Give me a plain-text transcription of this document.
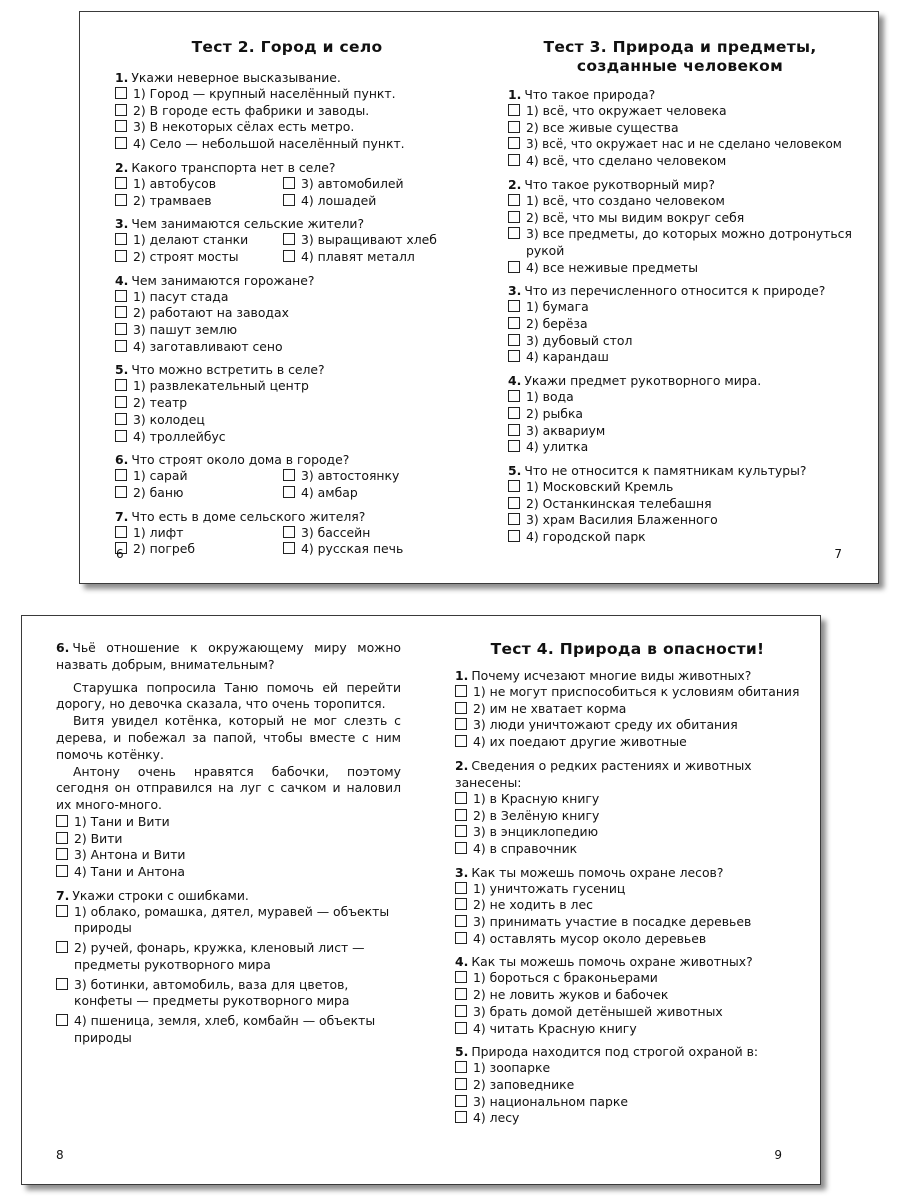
Тест 2. Город и село
1. Укажи неверное высказывание.
1) Город — крупный населённый пункт.
2) В городе есть фабрики и заводы.
3) В некоторых сёлах есть метро.
4) Село — небольшой населённый пункт.
2. Какого транспорта нет в селе?
1) автобусов	3) автомобилей
2) трамваев	4) лошадей
3. Чем занимаются сельские жители?
1) делают станки	3) выращивают хлеб
2) строят мосты	4) плавят металл
4. Чем занимаются горожане?
1) пасут стада
2) работают на заводах
3) пашут землю
4) заготавливают сено
5. Что можно встретить в селе?
1) развлекательный центр
2) театр
3) колодец
4) троллейбус
6. Что строят около дома в городе?
1) сарай	3) автостоянку
2) баню	4) амбар
7. Что есть в доме сельского жителя?
1) лифт	3) бассейн
2) погреб	4) русская печь
6
Тест 3. Природа и предметы,
созданные человеком
1. Что такое природа?
1) всё, что окружает человека
2) все живые существа
3) всё, что окружает нас и не сделано человеком
4) всё, что сделано человеком
2. Что такое рукотворный мир?
1) всё, что создано человеком
2) всё, что мы видим вокруг себя
3) все предметы, до которых можно дотронуться рукой
4) все неживые предметы
3. Что из перечисленного относится к природе?
1) бумага
2) берёза
3) дубовый стол
4) карандаш
4. Укажи предмет рукотворного мира.
1) вода
2) рыбка
3) аквариум
4) улитка
5. Что не относится к памятникам культуры?
1) Московский Кремль
2) Останкинская телебашня
3) храм Василия Блаженного
4) городской парк
7
6. Чьё отношение к окружающему миру можно назвать добрым, внимательным?
Старушка попросила Таню помочь ей перейти дорогу, но девочка сказала, что очень торопится.
Витя увидел котёнка, который не мог слезть с дерева, и побежал за папой, чтобы вместе с ним помочь котёнку.
Антону очень нравятся бабочки, поэтому сегодня он отправился на луг с сачком и наловил их много-много.
1) Тани и Вити
2) Вити
3) Антона и Вити
4) Тани и Антона
7. Укажи строки с ошибками.
1) облако, ромашка, дятел, муравей — объекты природы
2) ручей, фонарь, кружка, кленовый лист — предметы рукотворного мира
3) ботинки, автомобиль, ваза для цветов, конфеты — предметы рукотворного мира
4) пшеница, земля, хлеб, комбайн — объекты природы
8
Тест 4. Природа в опасности!
1. Почему исчезают многие виды животных?
1) не могут приспособиться к условиям обитания
2) им не хватает корма
3) люди уничтожают среду их обитания
4) их поедают другие животные
2. Сведения о редких растениях и животных занесены:
1) в Красную книгу
2) в Зелёную книгу
3) в энциклопедию
4) в справочник
3. Как ты можешь помочь охране лесов?
1) уничтожать гусениц
2) не ходить в лес
3) принимать участие в посадке деревьев
4) оставлять мусор около деревьев
4. Как ты можешь помочь охране животных?
1) бороться с браконьерами
2) не ловить жуков и бабочек
3) брать домой детёнышей животных
4) читать Красную книгу
5. Природа находится под строгой охраной в:
1) зоопарке
2) заповеднике
3) национальном парке
4) лесу
9
